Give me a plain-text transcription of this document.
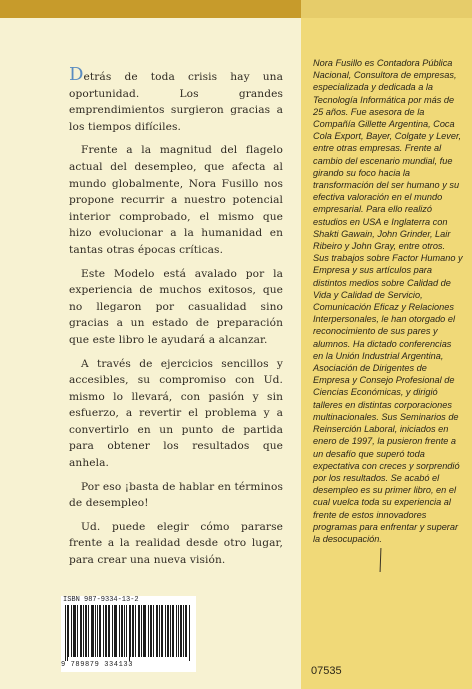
Detrás de toda crisis hay una oportunidad. Los grandes emprendimientos surgieron gracias a los tiempos difíciles.

Frente a la magnitud del flagelo actual del desempleo, que afecta al mundo globalmente, Nora Fusillo nos propone recurrir a nuestro potencial interior comprobado, el mismo que hizo evolucionar a la humanidad en tantas otras épocas críticas.

Este Modelo está avalado por la experiencia de muchos exitosos, que no llegaron por casualidad sino gracias a un estado de preparación que este libro le ayudará a alcanzar.

A través de ejercicios sencillos y accesibles, su compromiso con Ud. mismo lo llevará, con pasión y sin esfuerzo, a revertir el problema y a convertirlo en un punto de partida para obtener los resultados que anhela.

Por eso ¡basta de hablar en términos de desempleo!

Ud. puede elegir cómo pararse frente a la realidad desde otro lugar, para crear una nueva visión.

Nora Fusillo es Contadora Pública Nacional, Consultora de empresas, especializada y dedicada a la Tecnología Informática por más de 25 años. Fue asesora de la Compañía Gillette Argentina, Coca Cola Export, Bayer, Colgate y Lever, entre otras empresas. Frente al cambio del escenario mundial, fue girando su foco hacia la transformación del ser humano y su efectiva valoración en el mundo empresarial. Para ello realizó estudios en USA e Inglaterra con Shakti Gawain, John Grinder, Lair Ribeiro y John Gray, entre otros. Sus trabajos sobre Factor Humano y Empresa y sus artículos para distintos medios sobre Calidad de Vida y Calidad de Servicio, Comunicación Eficaz y Relaciones Interpersonales, le han otorgado el reconocimiento de sus pares y alumnos. Ha dictado conferencias en la Unión Industrial Argentina, Asociación de Dirigentes de Empresa y Consejo Profesional de Ciencias Económicas, y dirigió talleres en distintas corporaciones multinacionales. Sus Seminarios de Reinserción Laboral, iniciados en enero de 1997, la pusieron frente a un desafío que superó toda expectativa con creces y sorprendió por los resultados. Se acabó el desempleo es su primer libro, en el cual vuelca toda su experiencia al frente de estos innovadores programas para enfrentar y superar la desocupación.

ISBN 987-9334-13-2
9 789879 334133	07535
